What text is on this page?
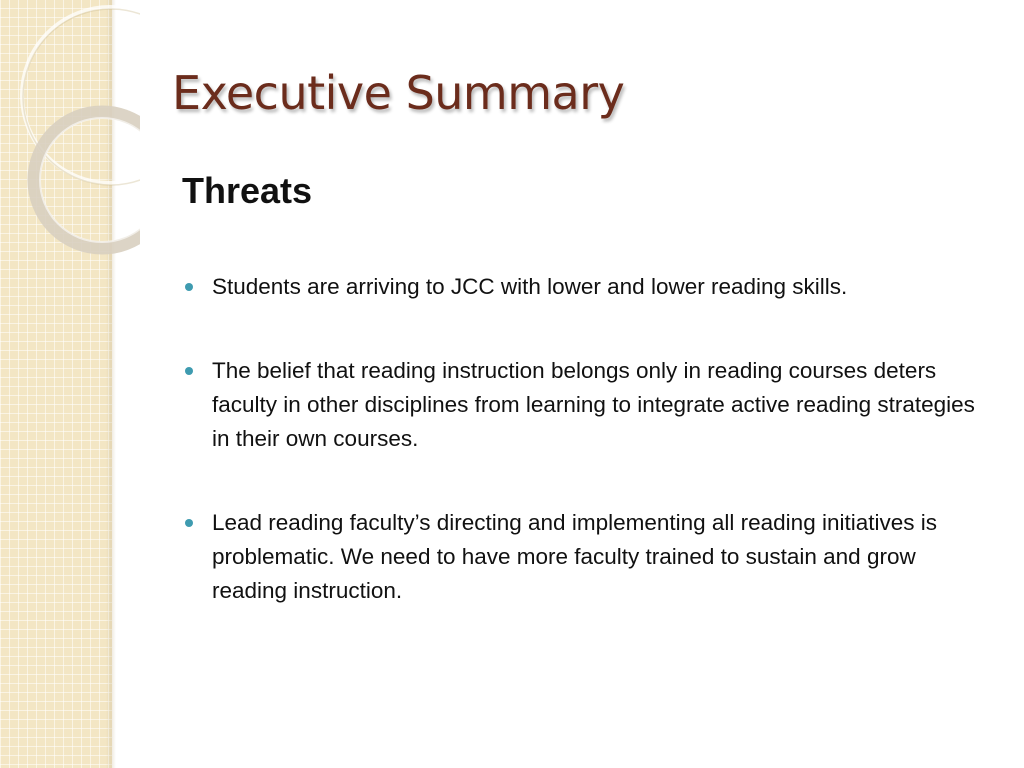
Executive Summary
Threats
Students are arriving to JCC with lower and lower reading skills.
The belief that reading instruction belongs only in reading courses deters faculty in other disciplines from learning to integrate active reading strategies in their own courses.
Lead reading faculty’s directing and implementing all reading initiatives is problematic. We need to have more faculty trained to sustain and grow reading instruction.
